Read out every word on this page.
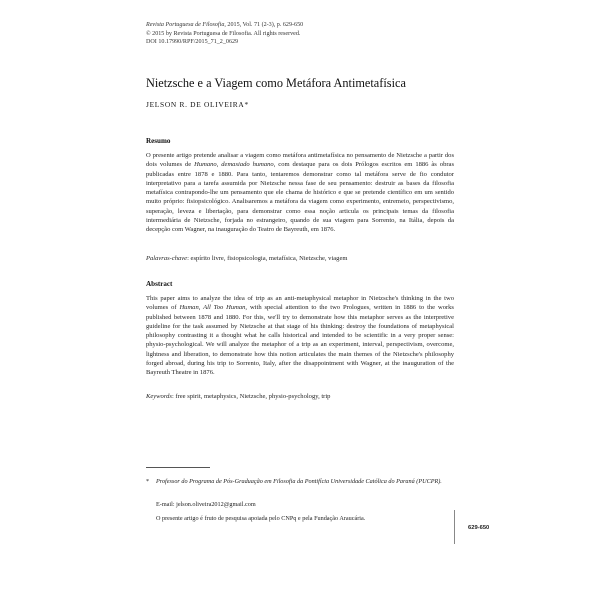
Revista Portuguesa de Filosofia, 2015, Vol. 71 (2-3), p. 629-650
© 2015 by Revista Portuguesa de Filosofia. All rights reserved.
DOI 10.17990/RPF/2015_71_2_0629
Nietzsche e a Viagem como Metáfora Antimetafísica
JELSON R. DE OLIVEIRA*
Resumo

O presente artigo pretende analisar a viagem como metáfora antimetafísica no pensamento de Nietzsche a partir dos dois volumes de Humano, demasiado humano, com destaque para os dois Prólogos escritos em 1886 às obras publicadas entre 1878 e 1880. Para tanto, tentaremos demonstrar como tal metáfora serve de fio condutor interpretativo para a tarefa assumida por Nietzsche nessa fase de seu pensamento: destruir as bases da filosofia metafísica contrapondo-lhe um pensamento que ele chama de histórico e que se pretende científico em um sentido muito próprio: fisiopsicológico. Analisaremos a metáfora da viagem como experimento, entremeio, perspectivismo, superação, leveza e libertação, para demonstrar como essa noção articula os principais temas da filosofia intermediária de Nietzsche, forjada no estrangeiro, quando de sua viagem para Sorrento, na Itália, depois da decepção com Wagner, na inauguração do Teatro de Bayreuth, em 1876.

Palavras-chave: espírito livre, fisiopsicologia, metafísica, Nietzsche, viagem
Abstract

This paper aims to analyze the idea of trip as an anti-metaphysical metaphor in Nietzsche's thinking in the two volumes of Human, All Too Human, with special attention to the two Prologues, written in 1886 to the works published between 1878 and 1880. For this, we'll try to demonstrate how this metaphor serves as the interpretive guideline for the task assumed by Nietzsche at that stage of his thinking: destroy the foundations of metaphysical philosophy contrasting it a thought what he calls historical and intended to be scientific in a very proper sense: physio-psychological. We will analyze the metaphor of a trip as an experiment, interval, perspectivism, overcome, lightness and liberation, to demonstrate how this notion articulates the main themes of the Nietzsche's philosophy forged abroad, during his trip to Sorrento, Italy, after the disappointment with Wagner, at the inauguration of the Bayreuth Theatre in 1876.

Keywords: free spirit, metaphysics, Nietzsche, physio-psychology, trip
*	Professor do Programa de Pós-Graduação em Filosofia da Pontifícia Universidade Católica do Paraná (PUCPR).
E-mail: jelson.oliveira2012@gmail.com
O presente artigo é fruto de pesquisa apoiada pelo CNPq e pela Fundação Araucária.
629-650
